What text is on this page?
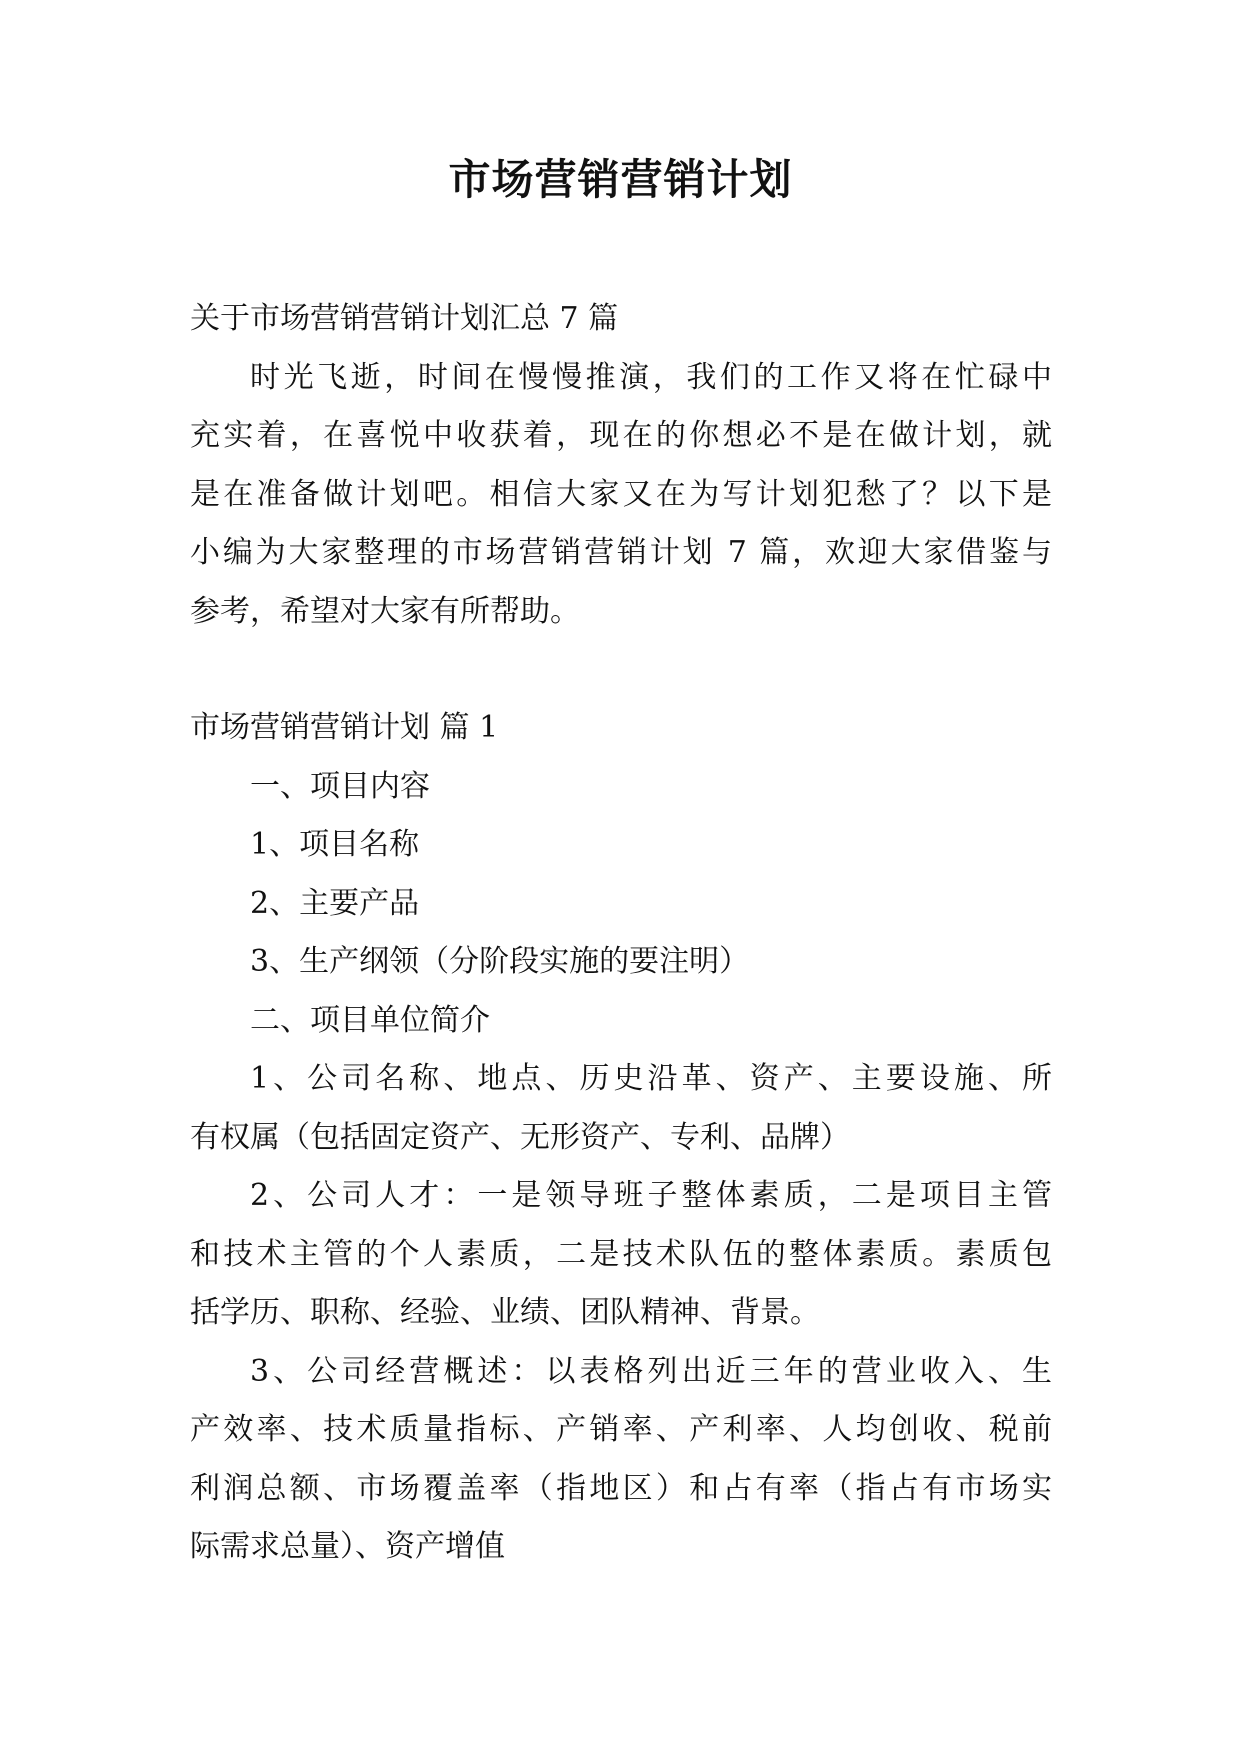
市场营销营销计划
关于市场营销营销计划汇总 7 篇
时光飞逝，时间在慢慢推演，我们的工作又将在忙碌中
充实着，在喜悦中收获着，现在的你想必不是在做计划，就
是在准备做计划吧。相信大家又在为写计划犯愁了？以下是
小编为大家整理的市场营销营销计划 7 篇，欢迎大家借鉴与
参考，希望对大家有所帮助。
市场营销营销计划 篇 1
一、项目内容
1、项目名称
2、主要产品
3、生产纲领（分阶段实施的要注明）
二、项目单位简介
1、公司名称、地点、历史沿革、资产、主要设施、所
有权属（包括固定资产、无形资产、专利、品牌）
2、公司人才：一是领导班子整体素质，二是项目主管
和技术主管的个人素质，二是技术队伍的整体素质。素质包
括学历、职称、经验、业绩、团队精神、背景。
3、公司经营概述：以表格列出近三年的营业收入、生
产效率、技术质量指标、产销率、产利率、人均创收、税前
利润总额、市场覆盖率（指地区）和占有率（指占有市场实
际需求总量）、资产增值
